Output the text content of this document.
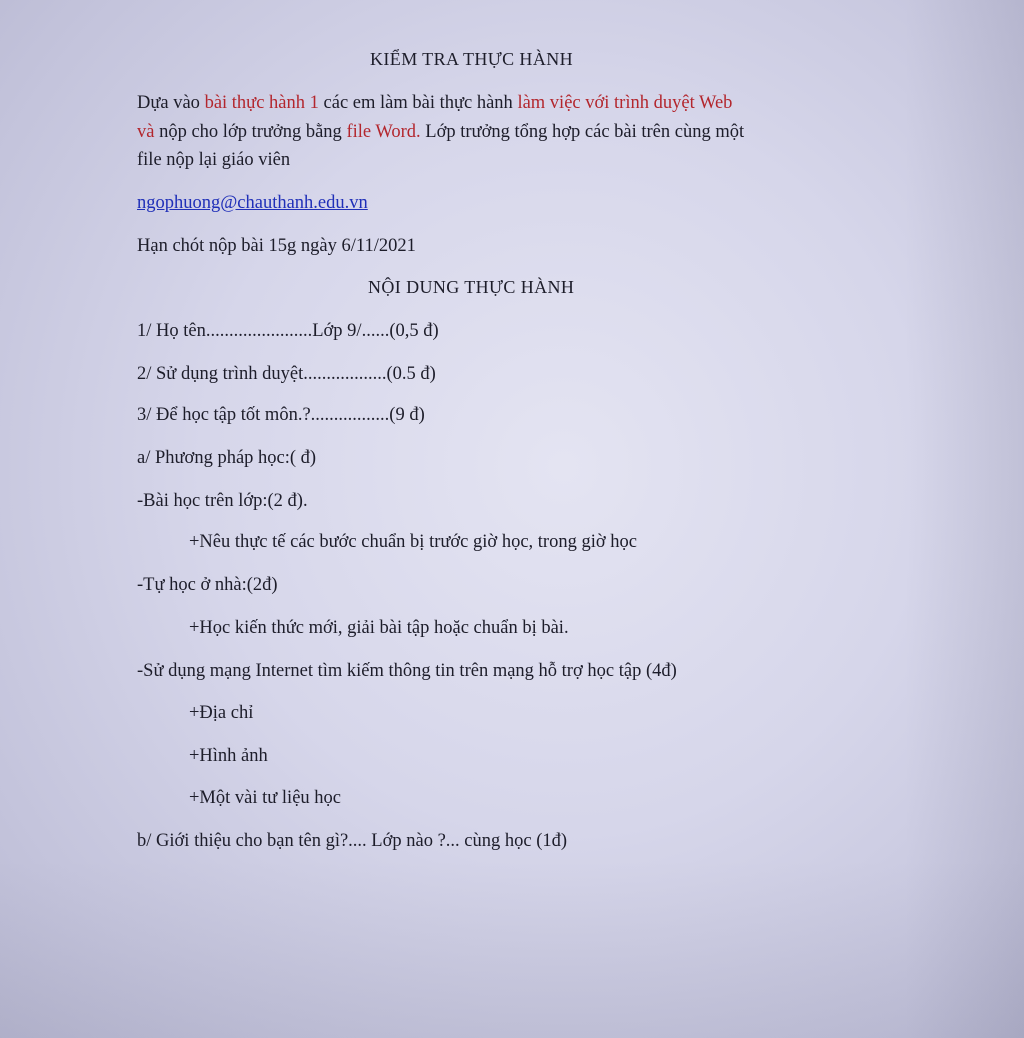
KIỂM TRA THỰC HÀNH
Dựa vào bài thực hành 1 các em làm bài thực hành làm việc với trình duyệt Web
và nộp cho lớp trưởng bằng file Word. Lớp trưởng tổng hợp các bài trên cùng một
file nộp lại giáo viên
ngophuong@chauthanh.edu.vn
Hạn chót nộp bài 15g ngày 6/11/2021
NỘI DUNG THỰC HÀNH
1/ Họ tên.......................Lớp 9/......(0,5 đ)
2/ Sử dụng trình duyệt..................(0.5 đ)
3/ Để học tập tốt môn.?.................(9 đ)
a/ Phương pháp học:( đ)
-Bài học trên lớp:(2 đ).
+Nêu thực tế các bước chuẩn bị trước giờ học, trong giờ học
-Tự học ở nhà:(2đ)
+Học kiến thức mới, giải bài tập hoặc chuẩn bị bài.
-Sử dụng mạng Internet tìm kiếm thông tin trên mạng hỗ trợ học tập (4đ)
+Địa chỉ
+Hình ảnh
+Một vài tư liệu học
b/ Giới thiệu cho bạn tên gì?.... Lớp nào ?... cùng học (1đ)
